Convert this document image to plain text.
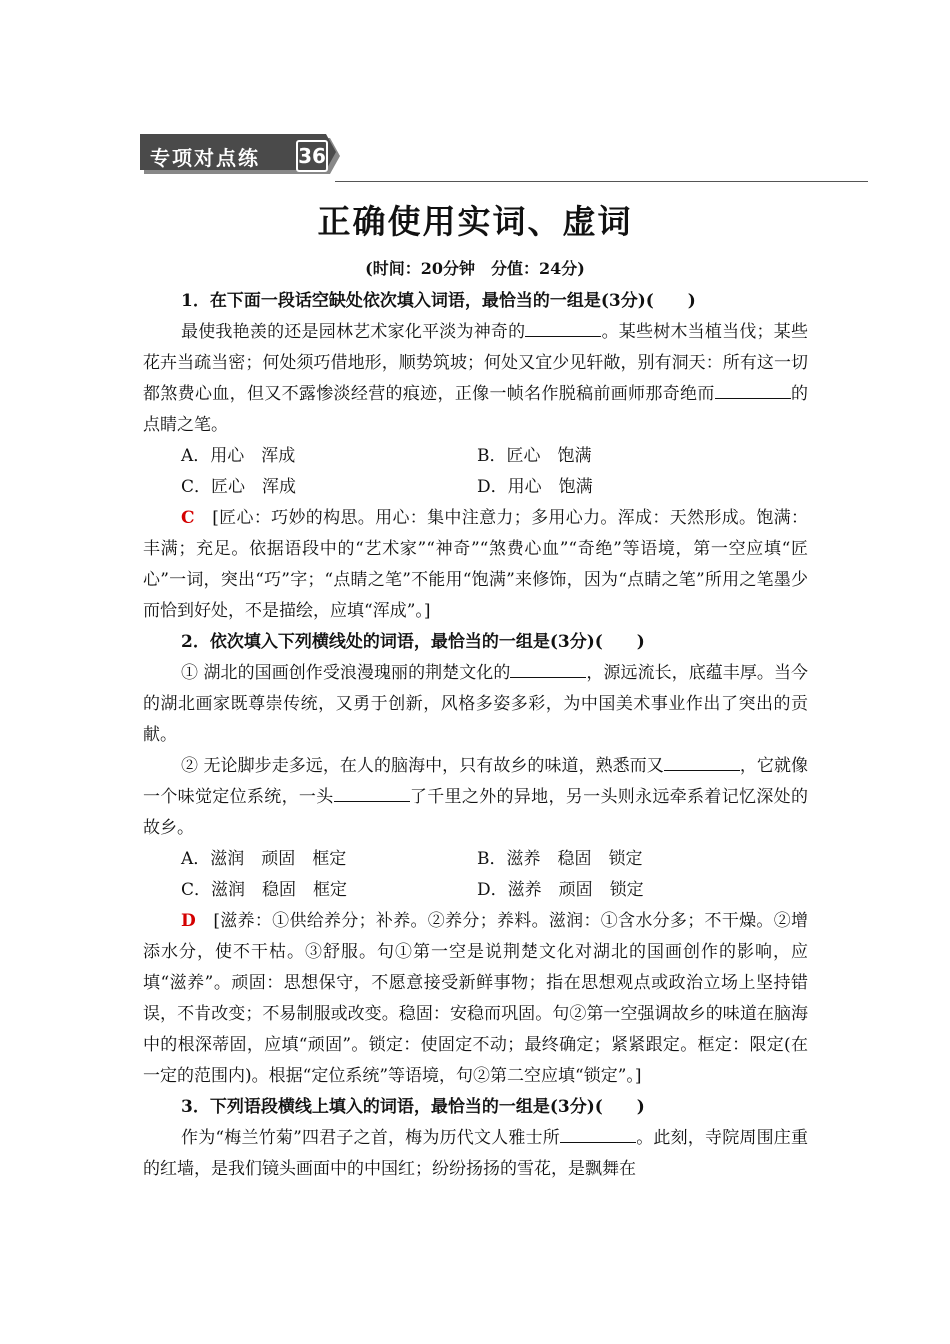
专项对点练 36
正确使用实词、虚词
(时间：20分钟　分值：24分)

1．在下面一段话空缺处依次填入词语，最恰当的一组是(3分)(　　)

最使我艳羡的还是园林艺术家化平淡为神奇的	。某些树木当植当伐；某些花卉当疏当密；何处须巧借地形，顺势筑坡；何处又宜少见轩敞，别有洞天：所有这一切都煞费心血，但又不露惨淡经营的痕迹，正像一帧名作脱稿前画师那奇绝而	的点睛之笔。

A．用心　浑成	B．匠心　饱满
C．匠心　浑成	D．用心　饱满

C　 [匠心：巧妙的构思。用心：集中注意力；多用心力。浑成：天然形成。饱满：丰满；充足。依据语段中的“艺术家”“神奇”“煞费心血”“奇绝”等语境，第一空应填“匠心”一词，突出“巧”字；“点睛之笔”不能用“饱满”来修饰，因为“点睛之笔”所用之笔墨少而恰到好处，不是描绘，应填“浑成”。]

2．依次填入下列横线处的词语，最恰当的一组是(3分)(　　)

① 湖北的国画创作受浪漫瑰丽的荆楚文化的	，源远流长，底蕴丰厚。当今的湖北画家既尊崇传统，又勇于创新，风格多姿多彩，为中国美术事业作出了突出的贡献。

② 无论脚步走多远，在人的脑海中，只有故乡的味道，熟悉而又	，它就像一个味觉定位系统，一头	了千里之外的异地，另一头则永远牵系着记忆深处的故乡。

A．滋润　顽固　框定	B．滋养　稳固　锁定
C．滋润　稳固　框定	D．滋养　顽固　锁定

D　 [滋养：①供给养分；补养。②养分；养料。滋润：①含水分多；不干燥。②增添水分，使不干枯。③舒服。句①第一空是说荆楚文化对湖北的国画创作的影响，应填“滋养”。顽固：思想保守，不愿意接受新鲜事物；指在思想观点或政治立场上坚持错误，不肯改变；不易制服或改变。稳固：安稳而巩固。句②第一空强调故乡的味道在脑海中的根深蒂固，应填“顽固”。锁定：使固定不动；最终确定；紧紧跟定。框定：限定(在一定的范围内)。根据“定位系统”等语境，句②第二空应填“锁定”。]

3．下列语段横线上填入的词语，最恰当的一组是(3分)(　　)

作为“梅兰竹菊”四君子之首，梅为历代文人雅士所	。此刻，寺院周围庄重的红墙，是我们镜头画面中的中国红；纷纷扬扬的雪花，是飘舞在
